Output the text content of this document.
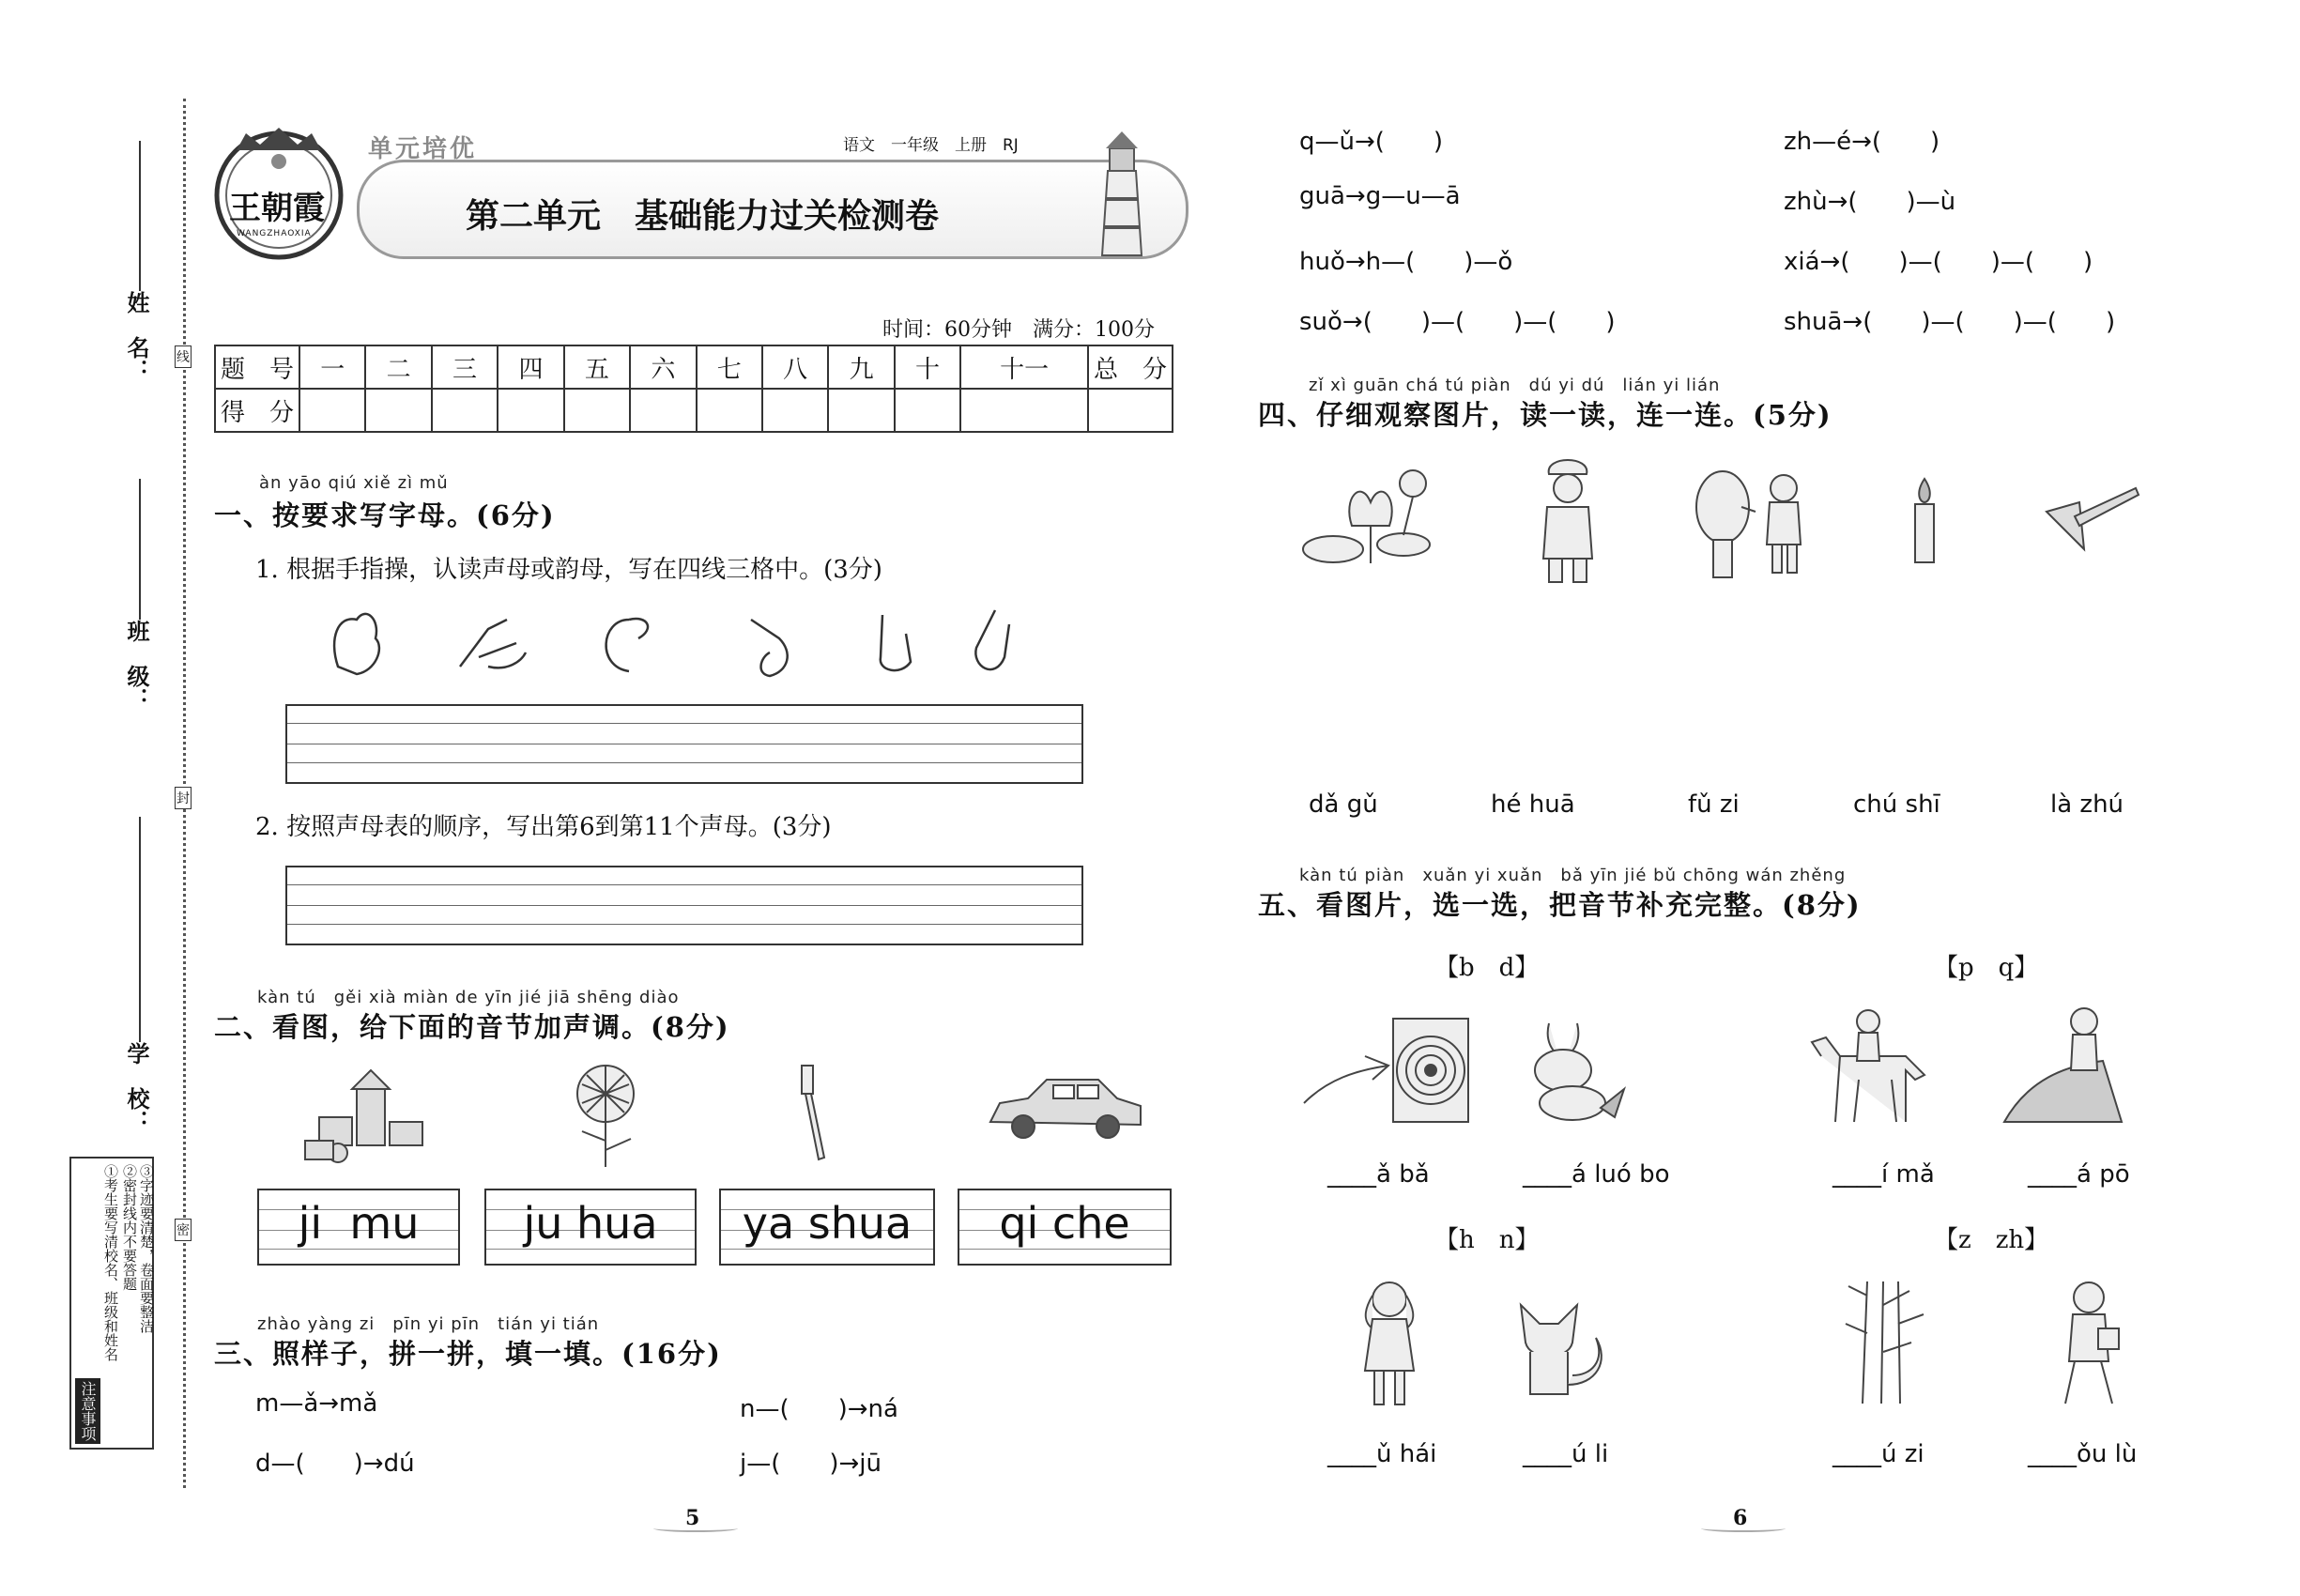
姓　名：
班　级：
学　校：
线
封
密
注意事项
①考生要写清校名、班级和姓名 ②密封线内不要答题 ③字迹要清楚，卷面要整洁
王朝霞
WANGZHAOXIA
单元培优	语文　一年级　上册　RJ
第二单元　基础能力过关检测卷
时间：60分钟　满分：100分
题　号	一	二	三	四	五	六	七	八	九	十	十一	总　分
得　分												
àn yāo qiú xiě zì mǔ
一、按要求写字母。(6分)
1. 根据手指操，认读声母或韵母，写在四线三格中。(3分)
2. 按照声母表的顺序，写出第6到第11个声母。(3分)
kàn tú　gěi xià miàn de yīn jié jiā shēng diào
二、看图，给下面的音节加声调。(8分)
ji  mu	ju hua	ya shua	qi che
zhào yàng zi　pīn yi pīn　tián yi tián
三、照样子，拼一拼，填一填。(16分)
m—ǎ→mǎ	n—(　　)→ná
d—(　　)→dú	j—(　　)→jū
q—ǔ→(　　)
guā→g—u—ā
huǒ→h—(　　)—ǒ
suǒ→(　　)—(　　)—(　　)
zh—é→(　　)
zhù→(　　)—ù
xiá→(　　)—(　　)—(　　)
shuā→(　　)—(　　)—(　　)
zǐ xì guān chá tú piàn　dú yi dú　lián yi lián
四、仔细观察图片，读一读，连一连。(5分)
dǎ gǔ	hé huā	fǔ zi	chú shī	là zhú
kàn tú piàn　xuǎn yi xuǎn　bǎ yīn jié bǔ chōng wán zhěng
五、看图片，选一选，把音节补充完整。(8分)
【b　d】	【p　q】
____ǎ bǎ	____á luó bo	____í mǎ	____á pō
【h　n】	【z　zh】
____ǔ hái	____ú li	____ú zi	____ǒu lù
5	6
